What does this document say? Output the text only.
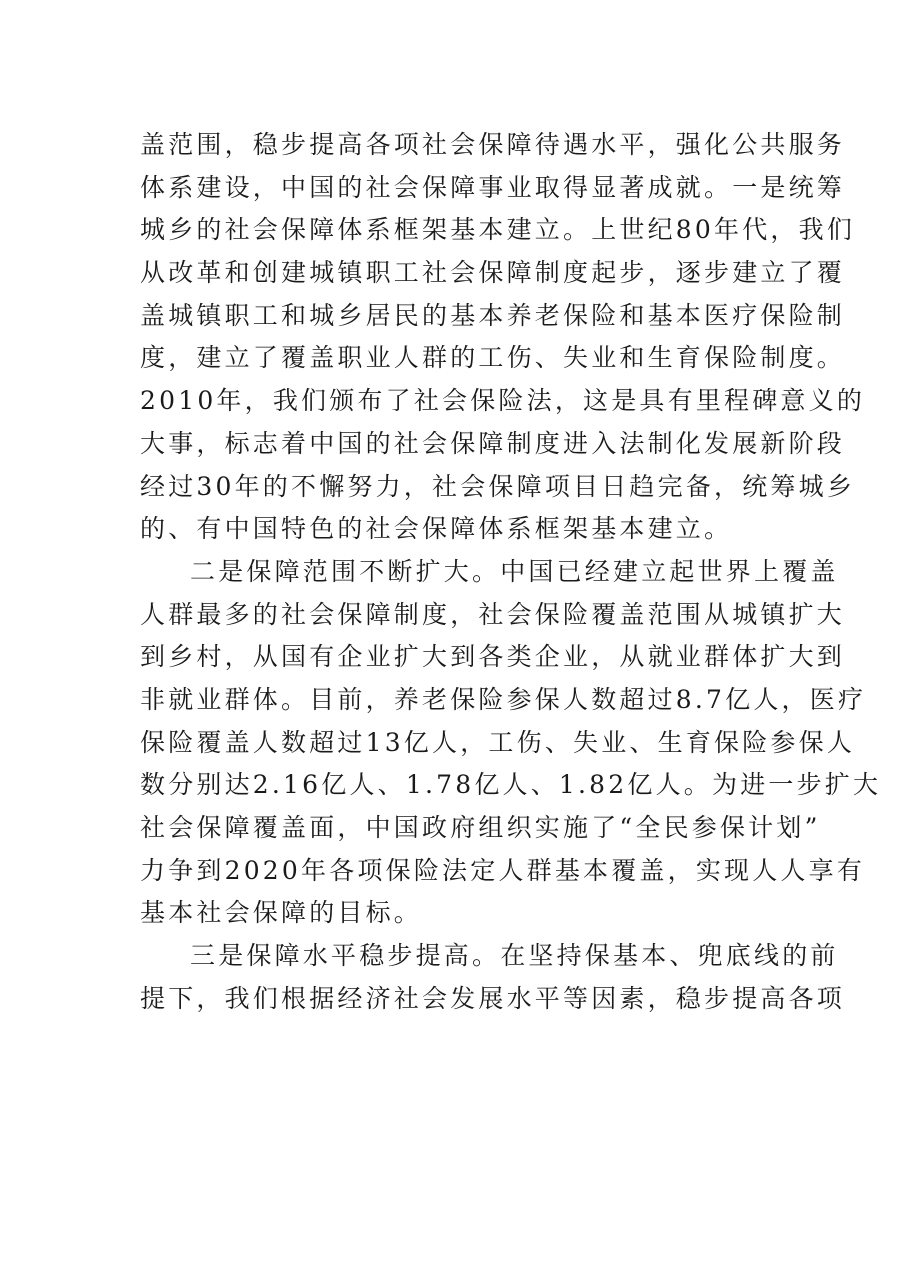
盖范围，稳步提高各项社会保障待遇水平，强化公共服务
体系建设，中国的社会保障事业取得显著成就。一是统筹
城乡的社会保障体系框架基本建立。上世纪80年代，我们
从改革和创建城镇职工社会保障制度起步，逐步建立了覆
盖城镇职工和城乡居民的基本养老保险和基本医疗保险制
度，建立了覆盖职业人群的工伤、失业和生育保险制度。
2010年，我们颁布了社会保险法，这是具有里程碑意义的
大事，标志着中国的社会保障制度进入法制化发展新阶段
经过30年的不懈努力，社会保障项目日趋完备，统筹城乡
的、有中国特色的社会保障体系框架基本建立。
二是保障范围不断扩大。中国已经建立起世界上覆盖
人群最多的社会保障制度，社会保险覆盖范围从城镇扩大
到乡村，从国有企业扩大到各类企业，从就业群体扩大到
非就业群体。目前，养老保险参保人数超过8.7亿人，医疗
保险覆盖人数超过13亿人，工伤、失业、生育保险参保人
数分别达2.16亿人、1.78亿人、1.82亿人。为进一步扩大
社会保障覆盖面，中国政府组织实施了“全民参保计划”
力争到2020年各项保险法定人群基本覆盖，实现人人享有
基本社会保障的目标。
三是保障水平稳步提高。在坚持保基本、兜底线的前
提下，我们根据经济社会发展水平等因素，稳步提高各项
